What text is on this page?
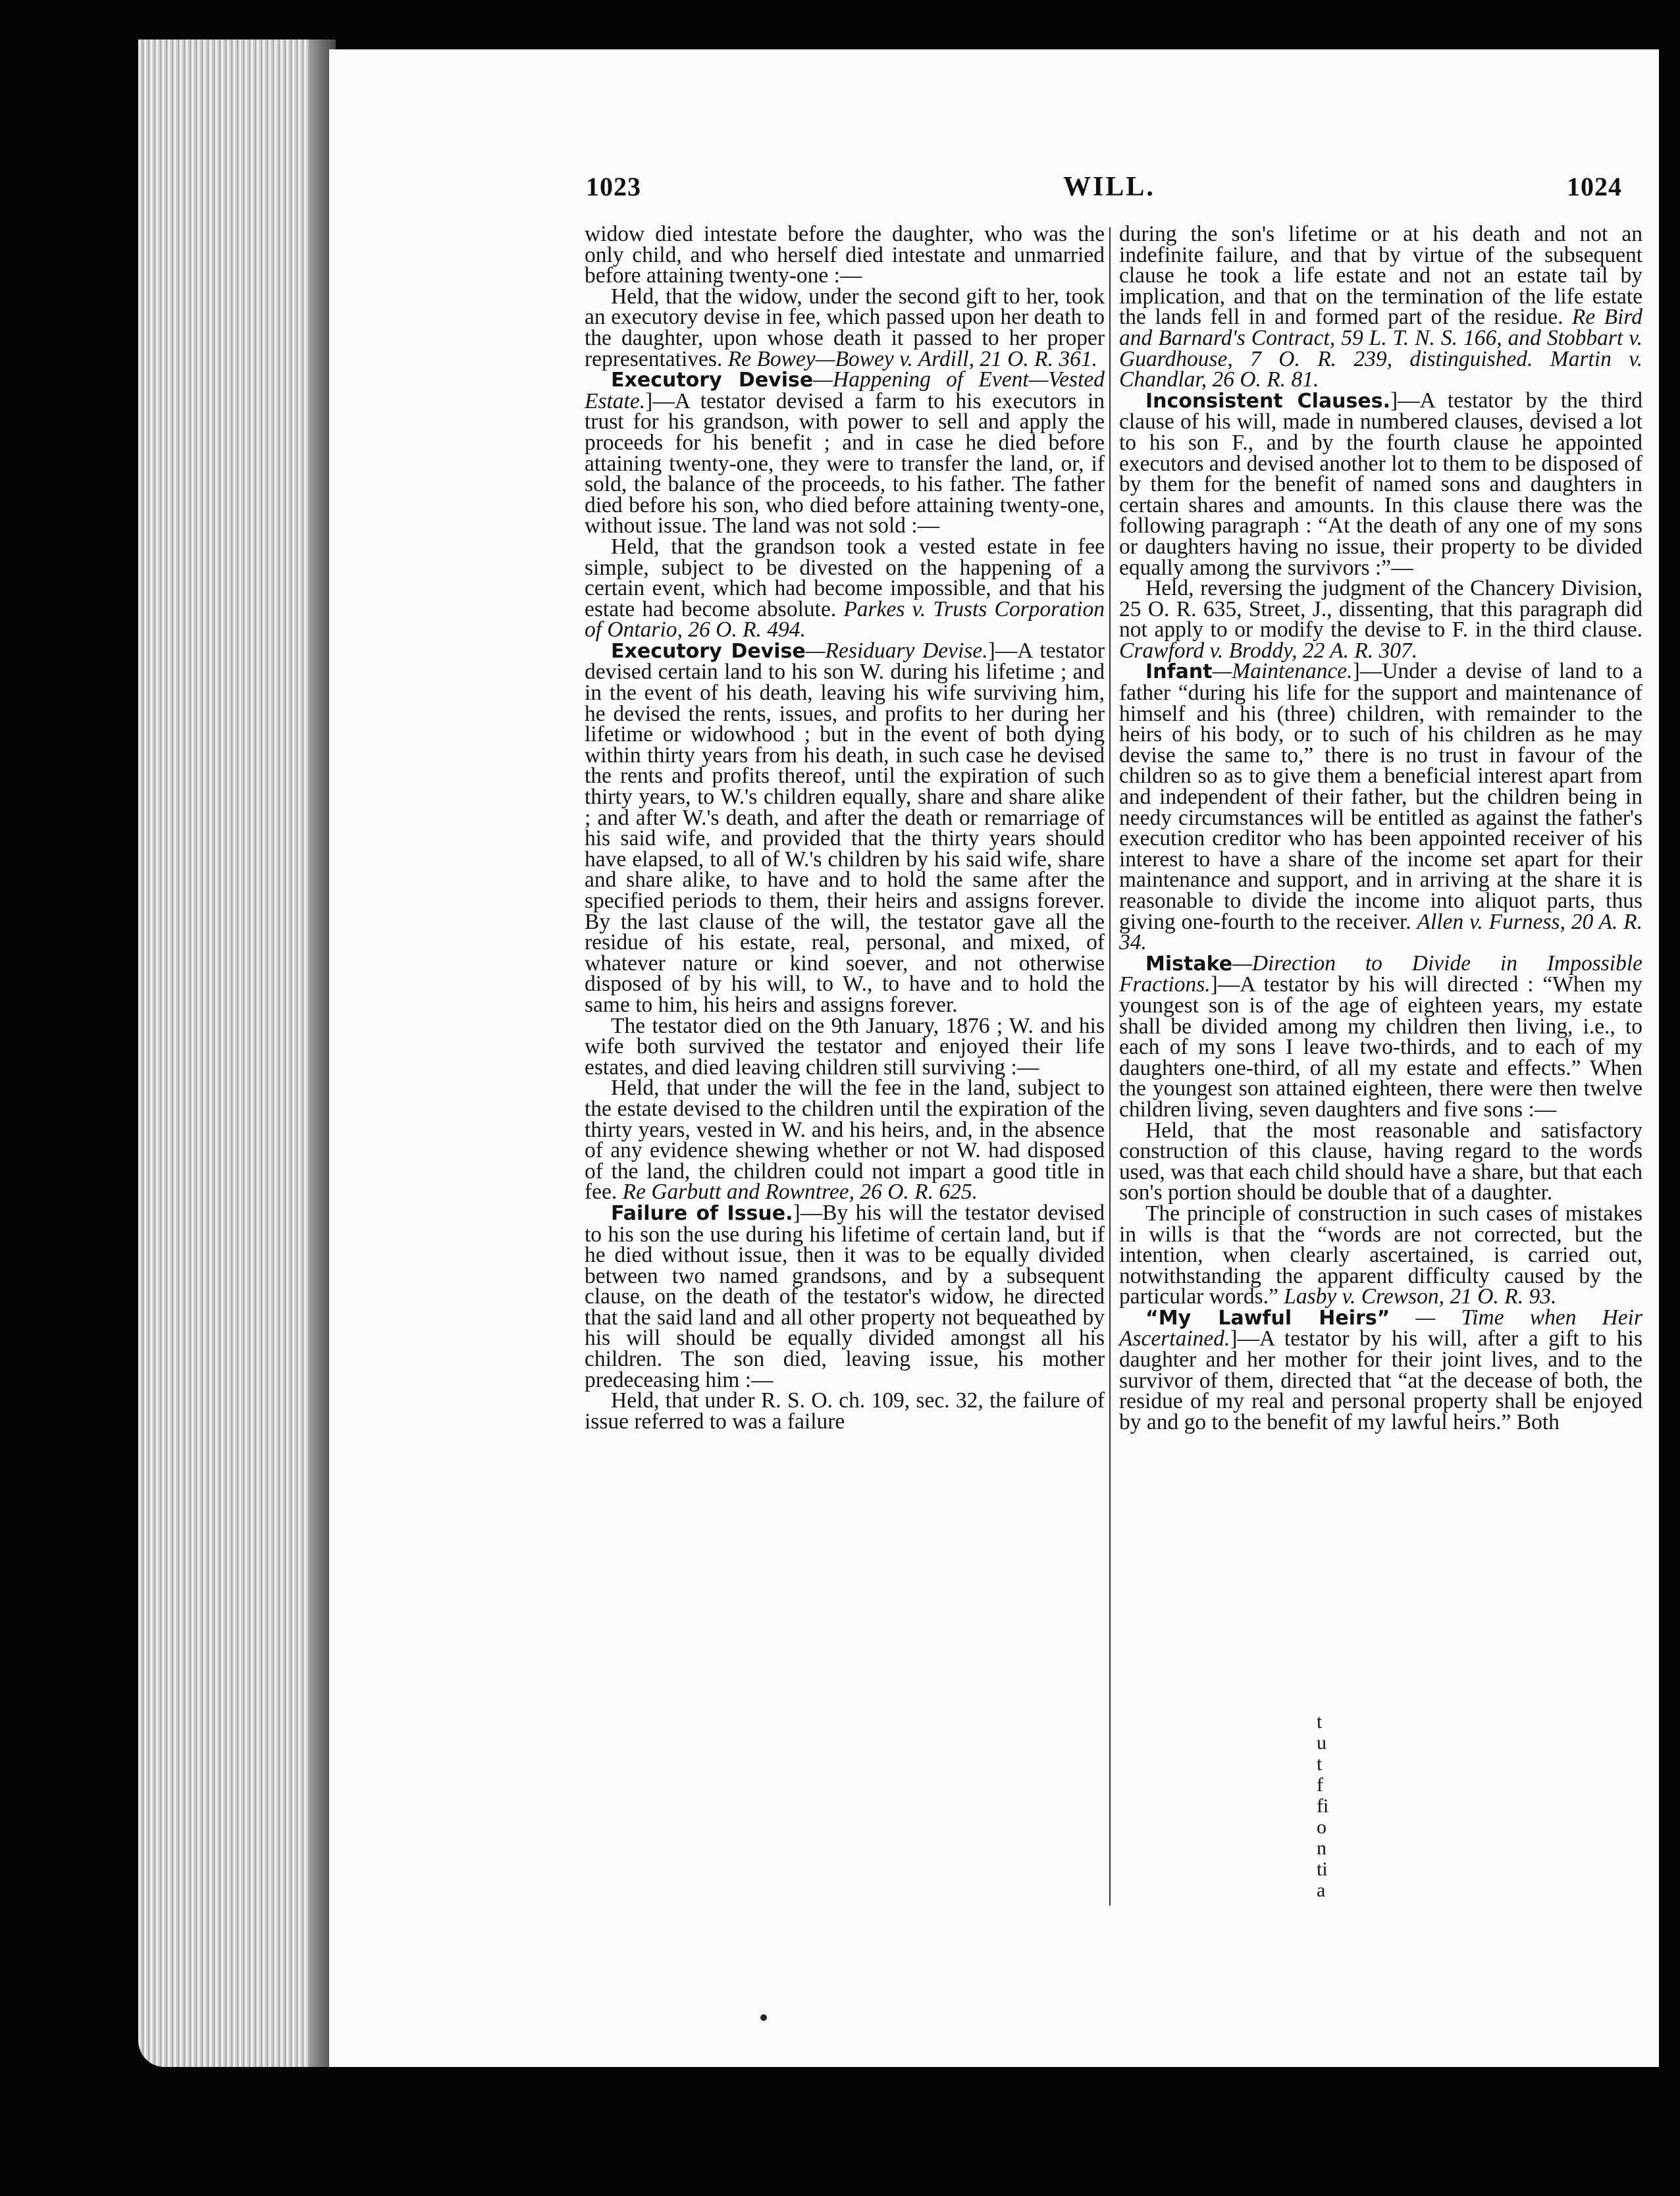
1023	WILL.	1024

widow died intestate before the daughter, who was the only child, and who herself died intestate and unmarried before attaining twenty-one :—

Held, that the widow, under the second gift to her, took an executory devise in fee, which passed upon her death to the daughter, upon whose death it passed to her proper representatives. Re Bowey—Bowey v. Ardill, 21 O. R. 361.

Executory Devise—Happening of Event—Vested Estate.]—A testator devised a farm to his executors in trust for his grandson, with power to sell and apply the proceeds for his benefit ; and in case he died before attaining twenty-one, they were to transfer the land, or, if sold, the balance of the proceeds, to his father. The father died before his son, who died before attaining twenty-one, without issue. The land was not sold :—

Held, that the grandson took a vested estate in fee simple, subject to be divested on the happening of a certain event, which had become impossible, and that his estate had become absolute. Parkes v. Trusts Corporation of Ontario, 26 O. R. 494.

Executory Devise—Residuary Devise.]—A testator devised certain land to his son W. during his lifetime ; and in the event of his death, leaving his wife surviving him, he devised the rents, issues, and profits to her during her lifetime or widowhood ; but in the event of both dying within thirty years from his death, in such case he devised the rents and profits thereof, until the expiration of such thirty years, to W.'s children equally, share and share alike ; and after W.'s death, and after the death or remarriage of his said wife, and provided that the thirty years should have elapsed, to all of W.'s children by his said wife, share and share alike, to have and to hold the same after the specified periods to them, their heirs and assigns forever. By the last clause of the will, the testator gave all the residue of his estate, real, personal, and mixed, of whatever nature or kind soever, and not otherwise disposed of by his will, to W., to have and to hold the same to him, his heirs and assigns forever.

The testator died on the 9th January, 1876 ; W. and his wife both survived the testator and enjoyed their life estates, and died leaving children still surviving :—

Held, that under the will the fee in the land, subject to the estate devised to the children until the expiration of the thirty years, vested in W. and his heirs, and, in the absence of any evidence shewing whether or not W. had disposed of the land, the children could not impart a good title in fee. Re Garbutt and Rowntree, 26 O. R. 625.

Failure of Issue.]—By his will the testator devised to his son the use during his lifetime of certain land, but if he died without issue, then it was to be equally divided between two named grandsons, and by a subsequent clause, on the death of the testator's widow, he directed that the said land and all other property not bequeathed by his will should be equally divided amongst all his children. The son died, leaving issue, his mother predeceasing him :—

Held, that under R. S. O. ch. 109, sec. 32, the failure of issue referred to was a failure

during the son's lifetime or at his death and not an indefinite failure, and that by virtue of the subsequent clause he took a life estate and not an estate tail by implication, and that on the termination of the life estate the lands fell in and formed part of the residue. Re Bird and Barnard's Contract, 59 L. T. N. S. 166, and Stobbart v. Guardhouse, 7 O. R. 239, distinguished. Martin v. Chandlar, 26 O. R. 81.

Inconsistent Clauses.]—A testator by the third clause of his will, made in numbered clauses, devised a lot to his son F., and by the fourth clause he appointed executors and devised another lot to them to be disposed of by them for the benefit of named sons and daughters in certain shares and amounts. In this clause there was the following paragraph : “At the death of any one of my sons or daughters having no issue, their property to be divided equally among the survivors :”—

Held, reversing the judgment of the Chancery Division, 25 O. R. 635, Street, J., dissenting, that this paragraph did not apply to or modify the devise to F. in the third clause. Crawford v. Broddy, 22 A. R. 307.

Infant—Maintenance.]—Under a devise of land to a father “during his life for the support and maintenance of himself and his (three) children, with remainder to the heirs of his body, or to such of his children as he may devise the same to,” there is no trust in favour of the children so as to give them a beneficial interest apart from and independent of their father, but the children being in needy circumstances will be entitled as against the father's execution creditor who has been appointed receiver of his interest to have a share of the income set apart for their maintenance and support, and in arriving at the share it is reasonable to divide the income into aliquot parts, thus giving one-fourth to the receiver. Allen v. Furness, 20 A. R. 34.

Mistake—Direction to Divide in Impossible Fractions.]—A testator by his will directed : “When my youngest son is of the age of eighteen years, my estate shall be divided among my children then living, i.e., to each of my sons I leave two-thirds, and to each of my daughters one-third, of all my estate and effects.” When the youngest son attained eighteen, there were then twelve children living, seven daughters and five sons :—

Held, that the most reasonable and satisfactory construction of this clause, having regard to the words used, was that each child should have a share, but that each son's portion should be double that of a daughter.

The principle of construction in such cases of mistakes in wills is that the “words are not corrected, but the intention, when clearly ascertained, is carried out, notwithstanding the apparent difficulty caused by the particular words.” Lasby v. Crewson, 21 O. R. 93.

“My Lawful Heirs” — Time when Heir Ascertained.]—A testator by his will, after a gift to his daughter and her mother for their joint lives, and to the survivor of them, directed that “at the decease of both, the residue of my real and personal property shall be enjoyed by and go to the benefit of my lawful heirs.” Both

t
u
t
f
fi
o
n
ti
a
